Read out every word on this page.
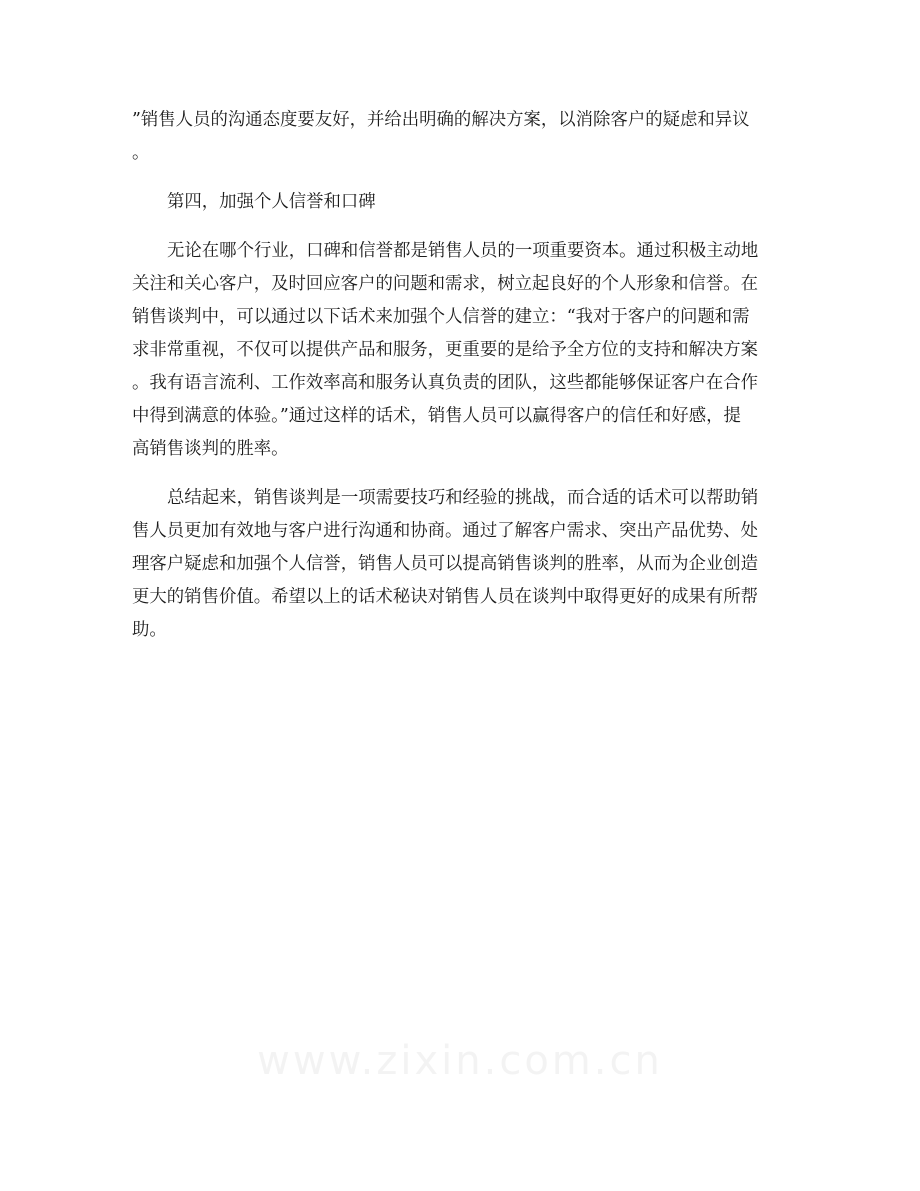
”销售人员的沟通态度要友好，并给出明确的解决方案，以消除客户的疑虑和异议
。

第四，加强个人信誉和口碑

无论在哪个行业，口碑和信誉都是销售人员的一项重要资本。通过积极主动地
关注和关心客户，及时回应客户的问题和需求，树立起良好的个人形象和信誉。在
销售谈判中，可以通过以下话术来加强个人信誉的建立：“我对于客户的问题和需
求非常重视，不仅可以提供产品和服务，更重要的是给予全方位的支持和解决方案
。我有语言流利、工作效率高和服务认真负责的团队，这些都能够保证客户在合作
中得到满意的体验。”通过这样的话术，销售人员可以赢得客户的信任和好感，提
高销售谈判的胜率。

总结起来，销售谈判是一项需要技巧和经验的挑战，而合适的话术可以帮助销
售人员更加有效地与客户进行沟通和协商。通过了解客户需求、突出产品优势、处
理客户疑虑和加强个人信誉，销售人员可以提高销售谈判的胜率，从而为企业创造
更大的销售价值。希望以上的话术秘诀对销售人员在谈判中取得更好的成果有所帮
助。

www.zixin.com.cn
